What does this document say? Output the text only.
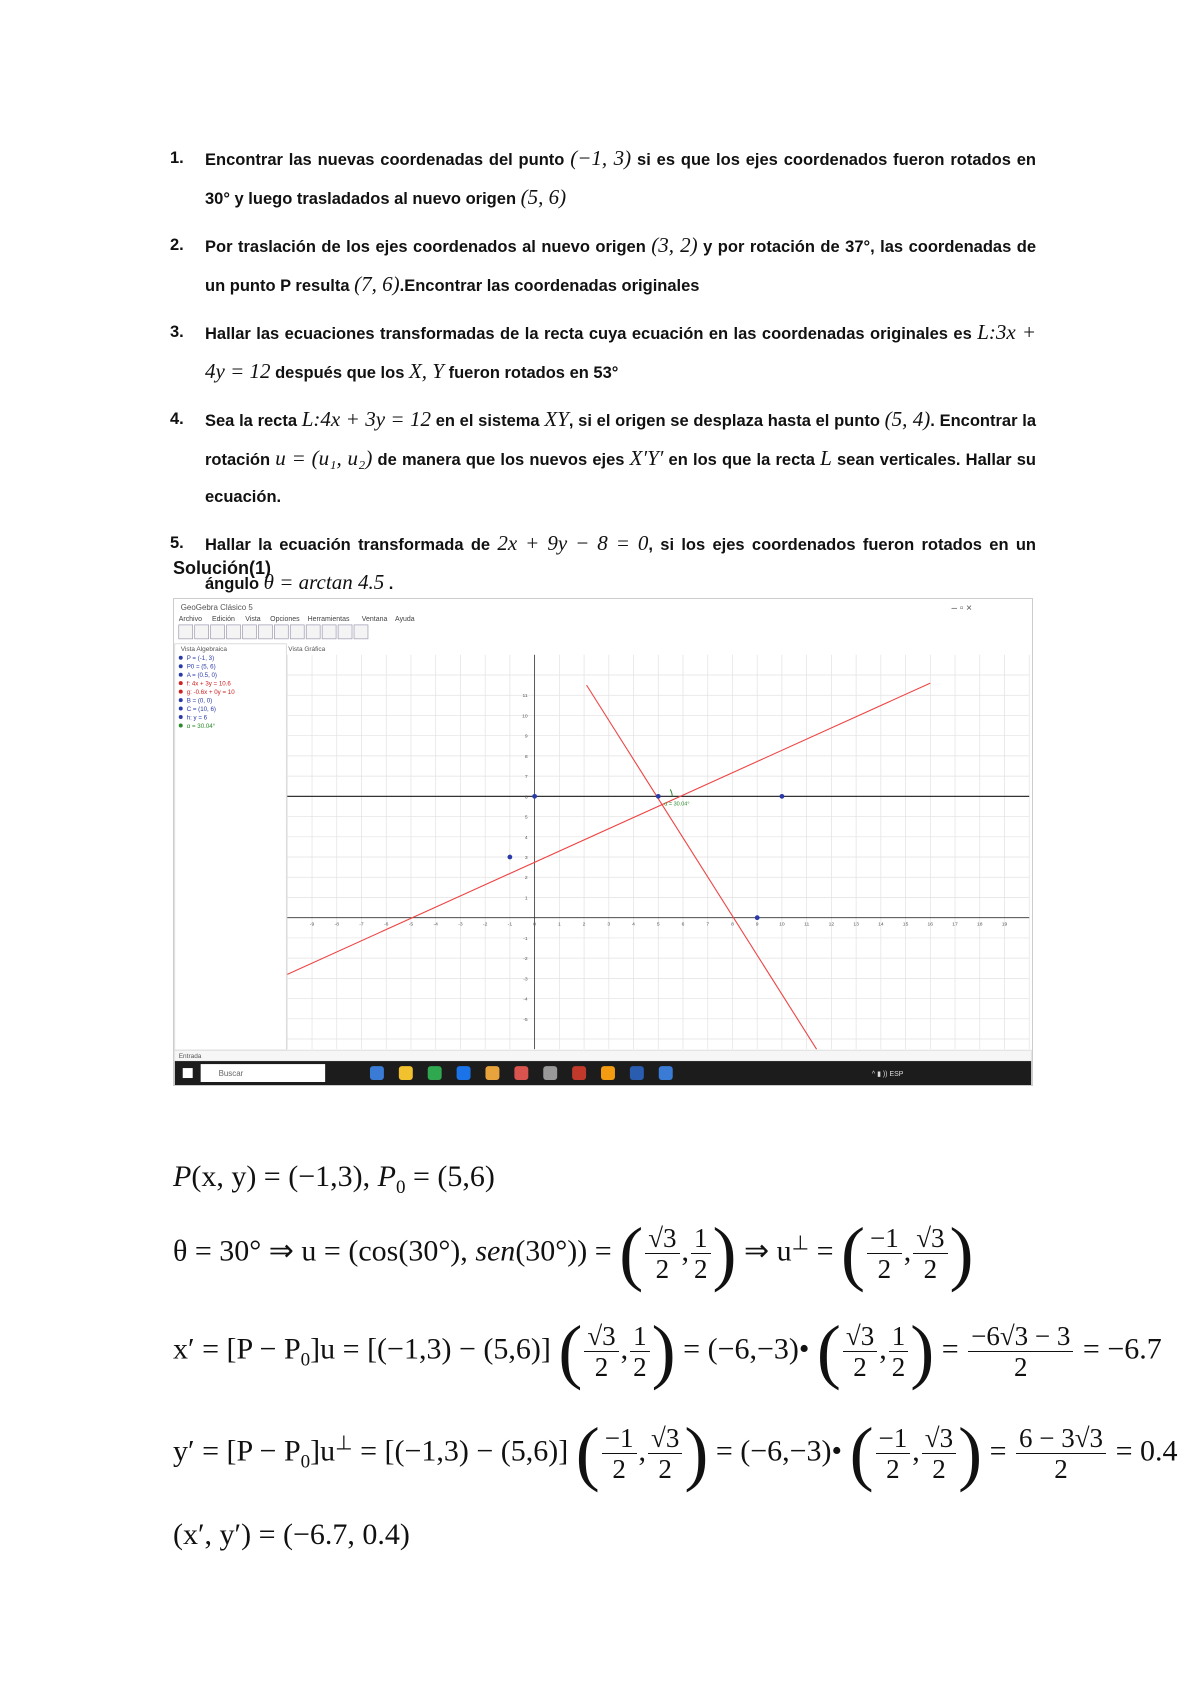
1.	Encontrar las nuevas coordenadas del punto (−1, 3) si es que los ejes coordenados fueron rotados en 30° y luego trasladados al nuevo origen (5, 6)
2.	Por traslación de los ejes coordenados al nuevo origen (3, 2) y por rotación de 37°, las coordenadas de un punto P resulta (7, 6).Encontrar las coordenadas originales
3.	Hallar las ecuaciones transformadas de la recta cuya ecuación en las coordenadas originales es L:3x + 4y = 12 después que los X, Y fueron rotados en 53°
4.	Sea la recta L:4x + 3y = 12 en el sistema XY, si el origen se desplaza hasta el punto (5, 4). Encontrar la rotación u = (u₁, u₂) de manera que los nuevos ejes X′Y′ en los que la recta L sean verticales. Hallar su ecuación.
5.	Hallar la ecuación transformada de 2x + 9y − 8 = 0, si los ejes coordenados fueron rotados en un ángulo θ = arctan 4.5 .
Solución(1)
GeoGebra Clásico 5	– ▫ ×
Archivo Edición Vista Opciones Herramientas Ventana Ayuda
Vista Algebraica
P = (-1, 3)
P0 = (5, 6)
A = (0.5, 0)
f: 4x + 3y = 10.6
g: -0.6x + 0y = 10
B = (0, 0)
C = (10, 6)
h: y = 6
α = 30.04°
Vista Gráfica
11
10
9
8
7
6
5
4
3
2
1
-1
-2
-3
-4
-5
-9	-8	-7	-6	-5	-4	-3	-2	-1	0	1	2	3	4	5	6	7	8	9	10	11	12	13	14	15	16	17	18	19
α = 30.04°
Entrada
Buscar	^ ▮ )) ESP
P(x, y) = (−1,3), $P_0 = (5,6)$
θ = 30° ⇒ u = (cos(30°), sen(30°)) = ( $\frac{√3}{2}$ , $\frac{1}{2}$ ) ⇒ u⊥ = ( $\frac{-1}{2}$ , $\frac{√3}{2}$ )
$x' = [P - P_0]u = [(-1,3) - (5,6)]$ ( $\frac{√3}{2}$ , $\frac{1}{2}$ ) = (−6,−3)• ( $\frac{√3}{2}$ , $\frac{1}{2}$ ) = $\frac{-6√3 - 3}{2} = -6.7$
$y' = [P - P_0]u^\perp = [(-1,3) - (5,6)]$ ( $\frac{-1}{2}$ , $\frac{√3}{2}$ ) = (−6,−3)• ( $\frac{-1}{2}$ , $\frac{√3}{2}$ ) = $\frac{6 - 3√3}{2} = 0.4$
(x′, y′) = (−6.7, 0.4)
